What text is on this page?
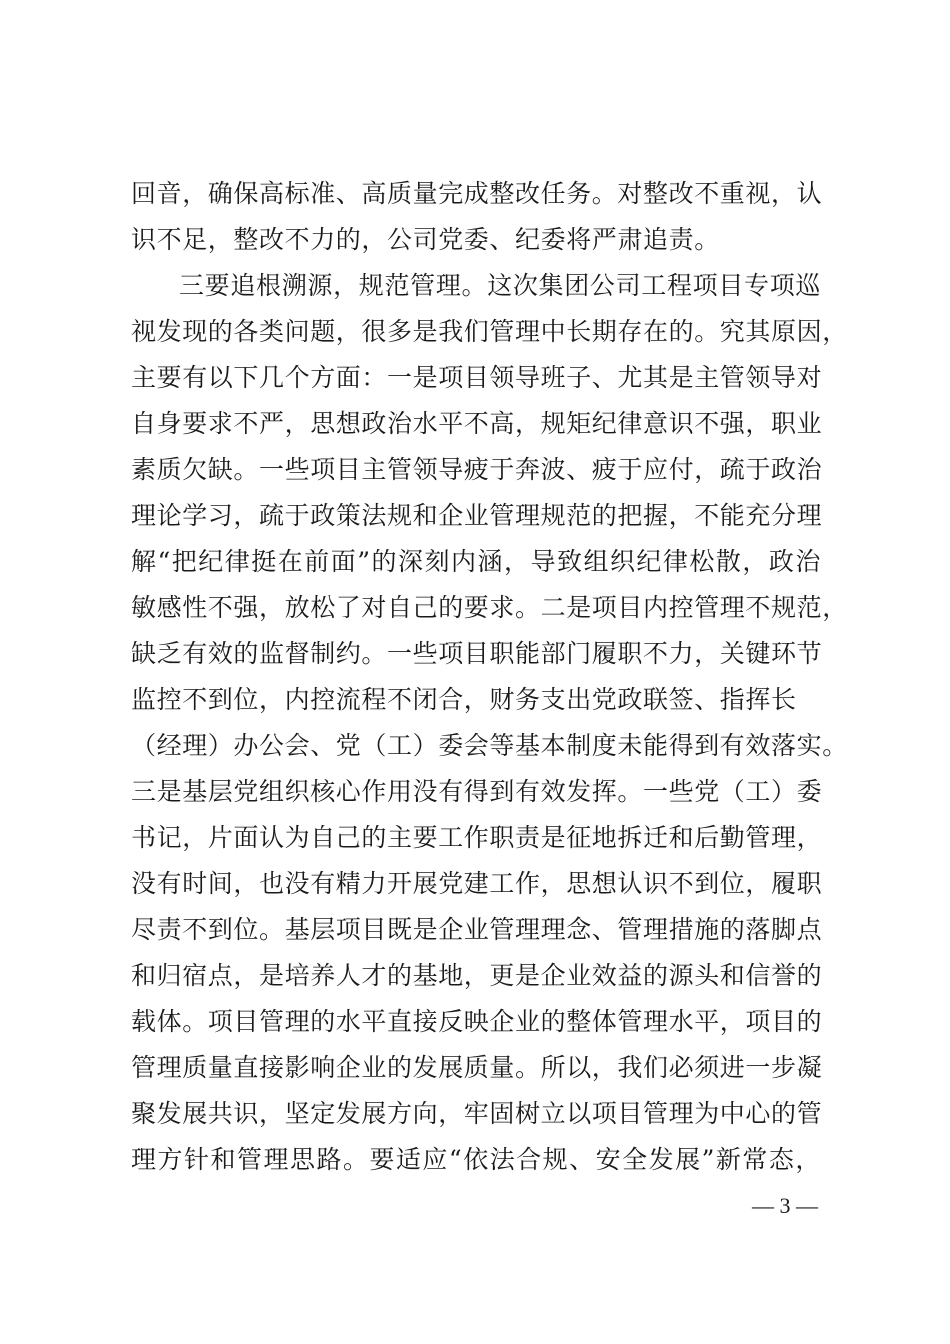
回音，确保高标准、高质量完成整改任务。对整改不重视，认
识不足，整改不力的，公司党委、纪委将严肃追责。
三要追根溯源，规范管理。这次集团公司工程项目专项巡
视发现的各类问题，很多是我们管理中长期存在的。究其原因，
主要有以下几个方面：一是项目领导班子、尤其是主管领导对
自身要求不严，思想政治水平不高，规矩纪律意识不强，职业
素质欠缺。一些项目主管领导疲于奔波、疲于应付，疏于政治
理论学习，疏于政策法规和企业管理规范的把握，不能充分理
解“把纪律挺在前面”的深刻内涵，导致组织纪律松散，政治
敏感性不强，放松了对自己的要求。二是项目内控管理不规范，
缺乏有效的监督制约。一些项目职能部门履职不力，关键环节
监控不到位，内控流程不闭合，财务支出党政联签、指挥长
（经理）办公会、党（工）委会等基本制度未能得到有效落实。
三是基层党组织核心作用没有得到有效发挥。一些党（工）委
书记，片面认为自己的主要工作职责是征地拆迁和后勤管理，
没有时间，也没有精力开展党建工作，思想认识不到位，履职
尽责不到位。基层项目既是企业管理理念、管理措施的落脚点
和归宿点，是培养人才的基地，更是企业效益的源头和信誉的
载体。项目管理的水平直接反映企业的整体管理水平，项目的
管理质量直接影响企业的发展质量。所以，我们必须进一步凝
聚发展共识，坚定发展方向，牢固树立以项目管理为中心的管
理方针和管理思路。要适应“依法合规、安全发展”新常态，
— 3 —
